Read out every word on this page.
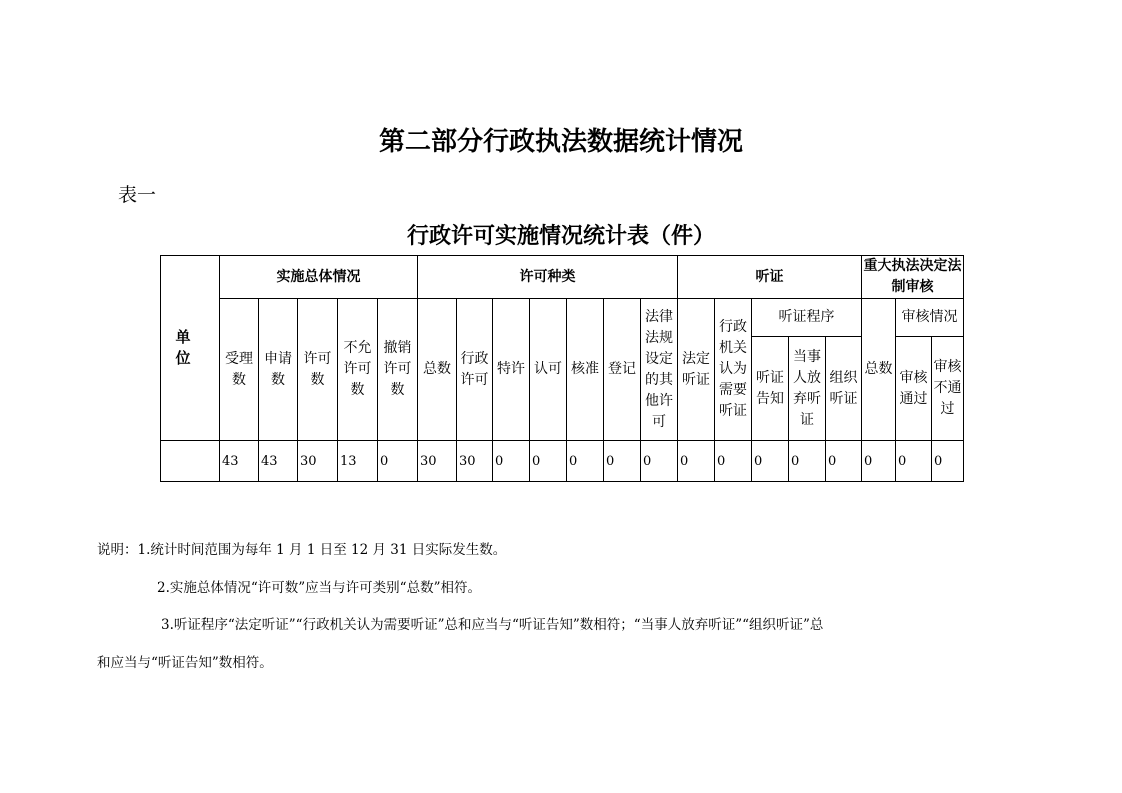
第二部分行政执法数据统计情况
表一
行政许可实施情况统计表（件）
单 位	实施总体情况					许可种类							听证					重大执法决定法制审核		
	受理数	申请数	许可数	不允许可数	撤销许可数	总数	行政许可	特许	认可	核准	登记	法律法规设定的其他许可	法定听证	行政机关认为需要听证	听证程序			总数	审核情况	
															听证告知	当事人放弃听证	组织听证		审核通过	审核不通过
	43	43	30	13	0	30	30	0	0	0	0	0	0	0	0	0	0	0	0	0
说明：1.统计时间范围为每年 1 月 1 日至 12 月 31 日实际发生数。
2.实施总体情况“许可数”应当与许可类别“总数”相符。
3.听证程序“法定听证”“行政机关认为需要听证”总和应当与“听证告知”数相符；“当事人放弃听证”“组织听证”总
和应当与“听证告知”数相符。
